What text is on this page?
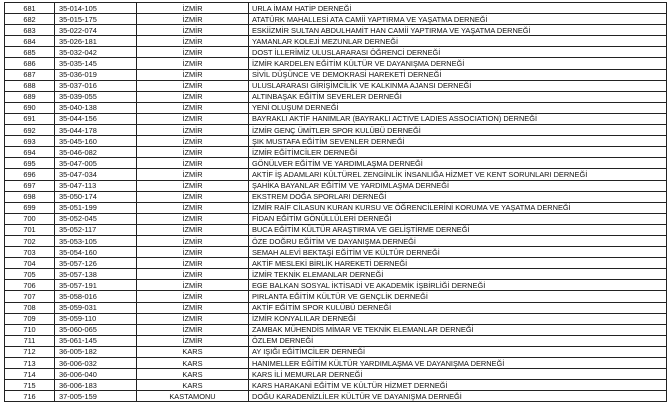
681	35-014-105	İZMİR	URLA İMAM HATİP DERNEĞİ
682	35-015-175	İZMİR	ATATÜRK MAHALLESİ ATA CAMİİ YAPTIRMA VE YAŞATMA DERNEĞİ
683	35-022-074	İZMİR	ESKİİZMİR SULTAN ABDULHAMİT HAN CAMİİ YAPTIRMA VE YAŞATMA DERNEĞİ
684	35-026-181	İZMİR	YAMANLAR KOLEJİ MEZUNLAR DERNEĞİ
685	35-032-042	İZMİR	DOST İLLERİMİZ ULUSLARARASI ÖĞRENCİ DERNEĞİ
686	35-035-145	İZMİR	İZMİR KARDELEN EĞİTİM KÜLTÜR VE DAYANIŞMA DERNEĞİ
687	35-036-019	İZMİR	SİVİL DÜŞÜNCE VE DEMOKRASİ HAREKETİ DERNEĞİ
688	35-037-016	İZMİR	ULUSLARARASI GİRİŞİMCİLİK VE KALKINMA AJANSI DERNEĞİ
689	35-039-055	İZMİR	ALTINBAŞAK EĞİTİM SEVERLER DERNEĞİ
690	35-040-138	İZMİR	YENİ OLUŞUM DERNEĞİ
691	35-044-156	İZMİR	BAYRAKLI AKTİF HANIMLAR (BAYRAKLI ACTIVE LADIES ASSOCIATION) DERNEĞİ
692	35-044-178	İZMİR	İZMİR GENÇ ÜMİTLER SPOR KULÜBÜ DERNEĞİ
693	35-045-160	İZMİR	ŞIK MUSTAFA EĞİTİM SEVENLER DERNEĞİ
694	35-046-082	İZMİR	İZMİR EĞİTİMCİLER DERNEĞİ
695	35-047-005	İZMİR	GÖNÜLVER EĞİTİM VE YARDIMLAŞMA DERNEĞİ
696	35-047-034	İZMİR	AKTİF İŞ ADAMLARI KÜLTÜREL ZENGİNLİK İNSANLIĞA HİZMET VE KENT SORUNLARI DERNEĞİ
697	35-047-113	İZMİR	ŞAHİKA BAYANLAR EĞİTİM VE YARDIMLAŞMA DERNEĞİ
698	35-050-174	İZMİR	EKSTREM DOĞA SPORLARI DERNEĞİ
699	35-051-199	İZMİR	İZMİR RAİF CİLASUN KURAN KURSU VE ÖĞRENCİLERİNİ KORUMA VE YAŞATMA DERNEĞİ
700	35-052-045	İZMİR	FİDAN EĞİTİM GÖNÜLLÜLERİ DERNEĞİ
701	35-052-117	İZMİR	BUCA EĞİTİM KÜLTÜR ARAŞTIRMA VE GELİŞTİRME DERNEĞİ
702	35-053-105	İZMİR	ÖZE DOĞRU EĞİTİM VE DAYANIŞMA DERNEĞİ
703	35-054-160	İZMİR	SEMAH ALEVİ BEKTAŞİ EĞİTİM VE KÜLTÜR DERNEĞİ
704	35-057-126	İZMİR	AKTİF MESLEKİ BİRLİK HAREKETİ DERNEĞİ
705	35-057-138	İZMİR	İZMİR TEKNİK ELEMANLAR DERNEĞİ
706	35-057-191	İZMİR	EGE BALKAN SOSYAL İKTİSADİ VE AKADEMİK İŞBİRLİĞİ DERNEĞİ
707	35-058-016	İZMİR	PIRLANTA EĞİTİM KÜLTÜR VE GENÇLİK DERNEĞİ
708	35-059-031	İZMİR	AKTİF EĞİTİM SPOR KULÜBÜ DERNEĞİ
709	35-059-110	İZMİR	İZMİR KONYALILAR DERNEĞİ
710	35-060-065	İZMİR	ZAMBAK MÜHENDİS MİMAR VE TEKNİK ELEMANLAR DERNEĞİ
711	35-061-145	İZMİR	ÖZLEM DERNEĞİ
712	36-005-182	KARS	AY IŞIĞI EĞİTİMCİLER DERNEĞİ
713	36-006-032	KARS	HANIMELLER EĞİTİM KÜLTÜR YARDIMLAŞMA VE DAYANIŞMA DERNEĞİ
714	36-006-040	KARS	KARS İLİ MEMURLAR DERNEĞİ
715	36-006-183	KARS	KARS HARAKANİ EĞİTİM VE KÜLTÜR HİZMET DERNEĞİ
716	37-005-159	KASTAMONU	DOĞU KARADENİZLİLER KÜLTÜR VE DAYANIŞMA DERNEĞİ
